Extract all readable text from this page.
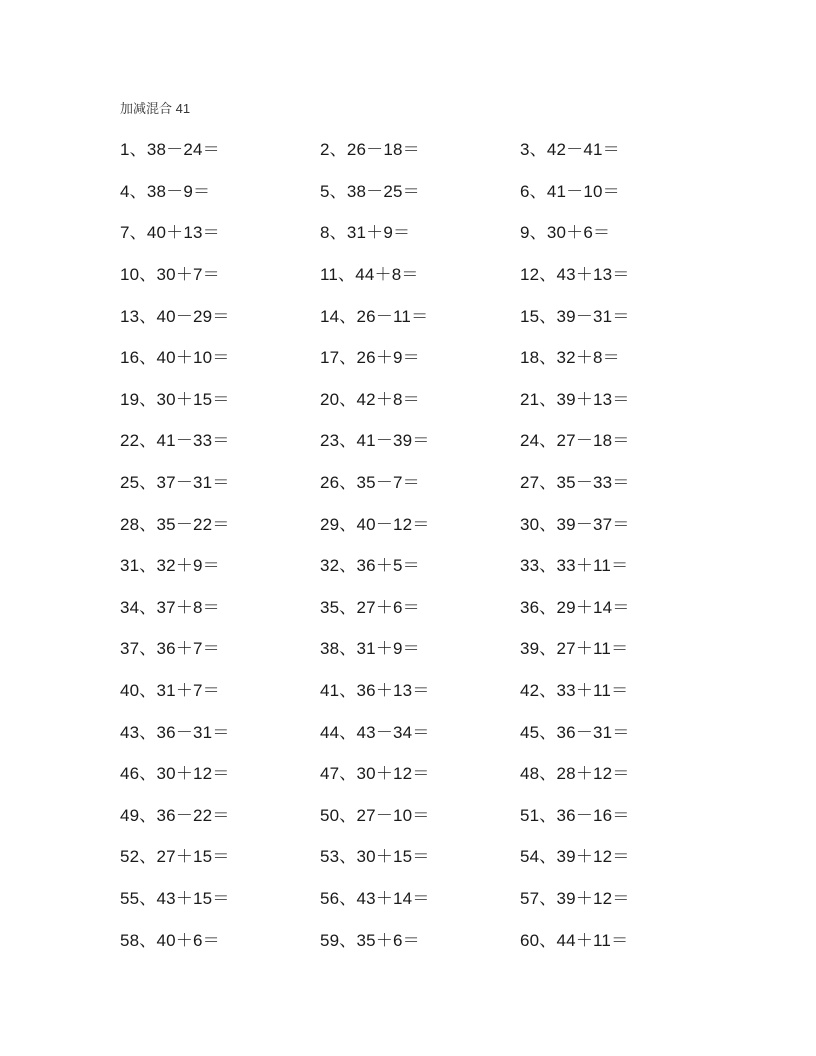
加减混合 41
1、38－24＝	2、26－18＝	3、42－41＝
4、38－9＝	5、38－25＝	6、41－10＝
7、40＋13＝	8、31＋9＝	9、30＋6＝
10、30＋7＝	11、44＋8＝	12、43＋13＝
13、40－29＝	14、26－11＝	15、39－31＝
16、40＋10＝	17、26＋9＝	18、32＋8＝
19、30＋15＝	20、42＋8＝	21、39＋13＝
22、41－33＝	23、41－39＝	24、27－18＝
25、37－31＝	26、35－7＝	27、35－33＝
28、35－22＝	29、40－12＝	30、39－37＝
31、32＋9＝	32、36＋5＝	33、33＋11＝
34、37＋8＝	35、27＋6＝	36、29＋14＝
37、36＋7＝	38、31＋9＝	39、27＋11＝
40、31＋7＝	41、36＋13＝	42、33＋11＝
43、36－31＝	44、43－34＝	45、36－31＝
46、30＋12＝	47、30＋12＝	48、28＋12＝
49、36－22＝	50、27－10＝	51、36－16＝
52、27＋15＝	53、30＋15＝	54、39＋12＝
55、43＋15＝	56、43＋14＝	57、39＋12＝
58、40＋6＝	59、35＋6＝	60、44＋11＝
